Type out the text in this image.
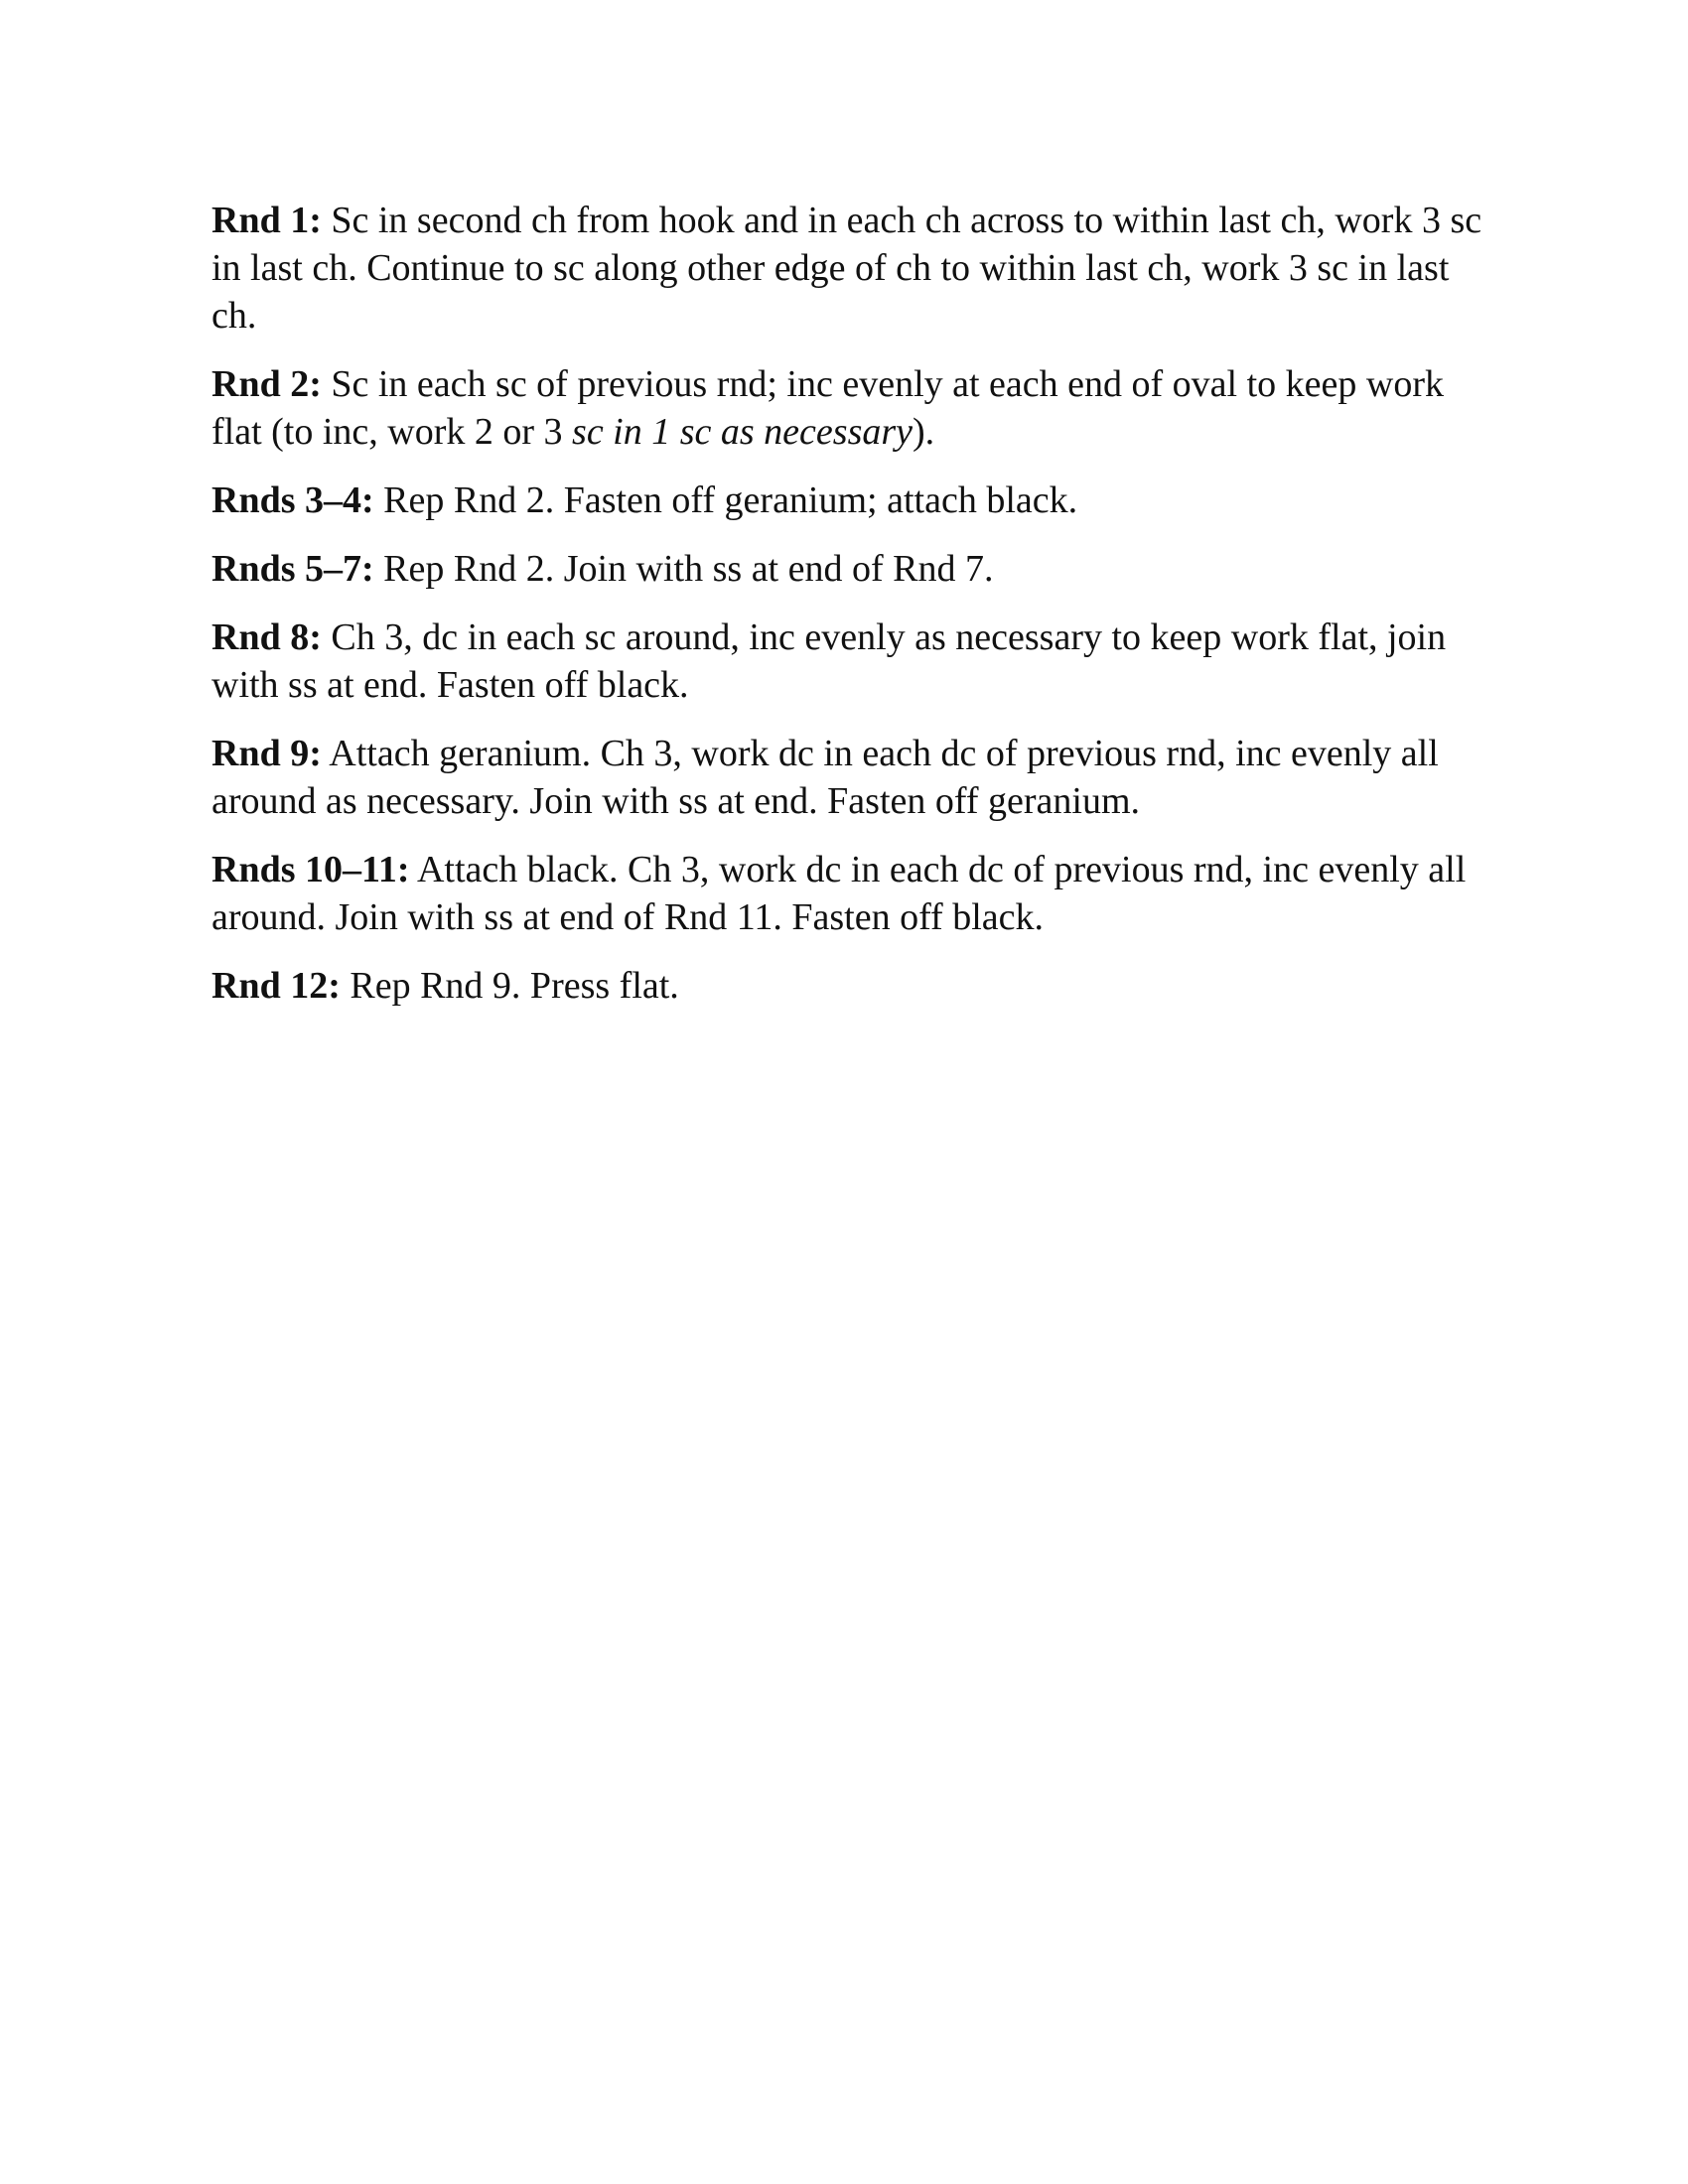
Rnd 1: Sc in second ch from hook and in each ch across to within last ch, work 3 sc in last ch. Continue to sc along other edge of ch to within last ch, work 3 sc in last ch.

Rnd 2: Sc in each sc of previous rnd; inc evenly at each end of oval to keep work flat (to inc, work 2 or 3 sc in 1 sc as necessary).

Rnds 3–4: Rep Rnd 2. Fasten off geranium; attach black.

Rnds 5–7: Rep Rnd 2. Join with ss at end of Rnd 7.

Rnd 8: Ch 3, dc in each sc around, inc evenly as necessary to keep work flat, join with ss at end. Fasten off black.

Rnd 9: Attach geranium. Ch 3, work dc in each dc of previous rnd, inc evenly all around as necessary. Join with ss at end. Fasten off geranium.

Rnds 10–11: Attach black. Ch 3, work dc in each dc of previous rnd, inc evenly all around. Join with ss at end of Rnd 11. Fasten off black.

Rnd 12: Rep Rnd 9. Press flat.
